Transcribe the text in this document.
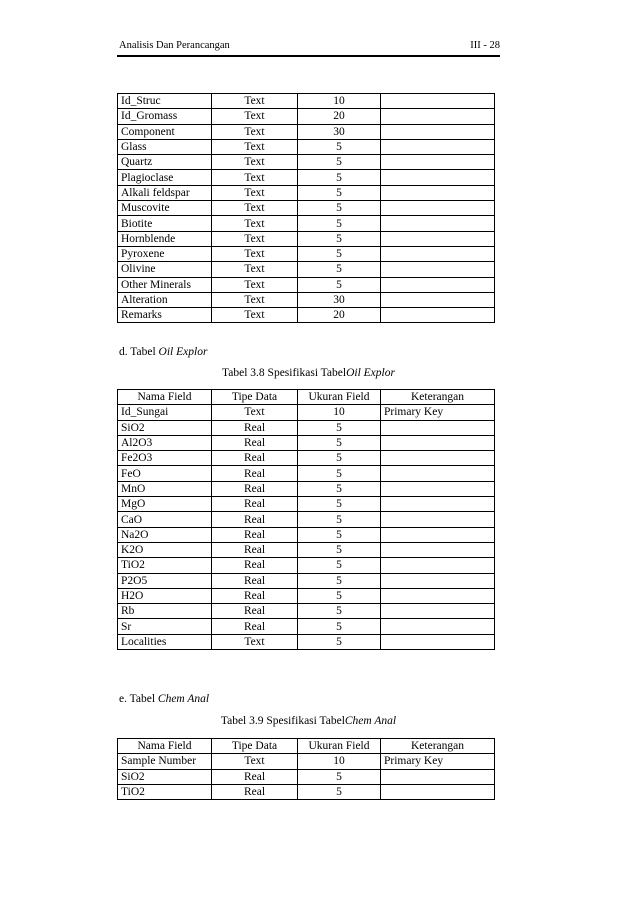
Analisis Dan Perancangan	III - 28
Id_Struc	Text	10	
Id_Gromass	Text	20	
Component	Text	30	
Glass	Text	5	
Quartz	Text	5	
Plagioclase	Text	5	
Alkali feldspar	Text	5	
Muscovite	Text	5	
Biotite	Text	5	
Hornblende	Text	5	
Pyroxene	Text	5	
Olivine	Text	5	
Other Minerals	Text	5	
Alteration	Text	30	
Remarks	Text	20	
d. Tabel Oil Explor
Tabel 3.8 Spesifikasi TabelOil Explor
Nama Field	Tipe Data	Ukuran Field	Keterangan
Id_Sungai	Text	10	Primary Key
SiO2	Real	5	
Al2O3	Real	5	
Fe2O3	Real	5	
FeO	Real	5	
MnO	Real	5	
MgO	Real	5	
CaO	Real	5	
Na2O	Real	5	
K2O	Real	5	
TiO2	Real	5	
P2O5	Real	5	
H2O	Real	5	
Rb	Real	5	
Sr	Real	5	
Localities	Text	5	
e. Tabel Chem Anal
Tabel 3.9 Spesifikasi TabelChem Anal
Nama Field	Tipe Data	Ukuran Field	Keterangan
Sample Number	Text	10	Primary Key
SiO2	Real	5	
TiO2	Real	5	
